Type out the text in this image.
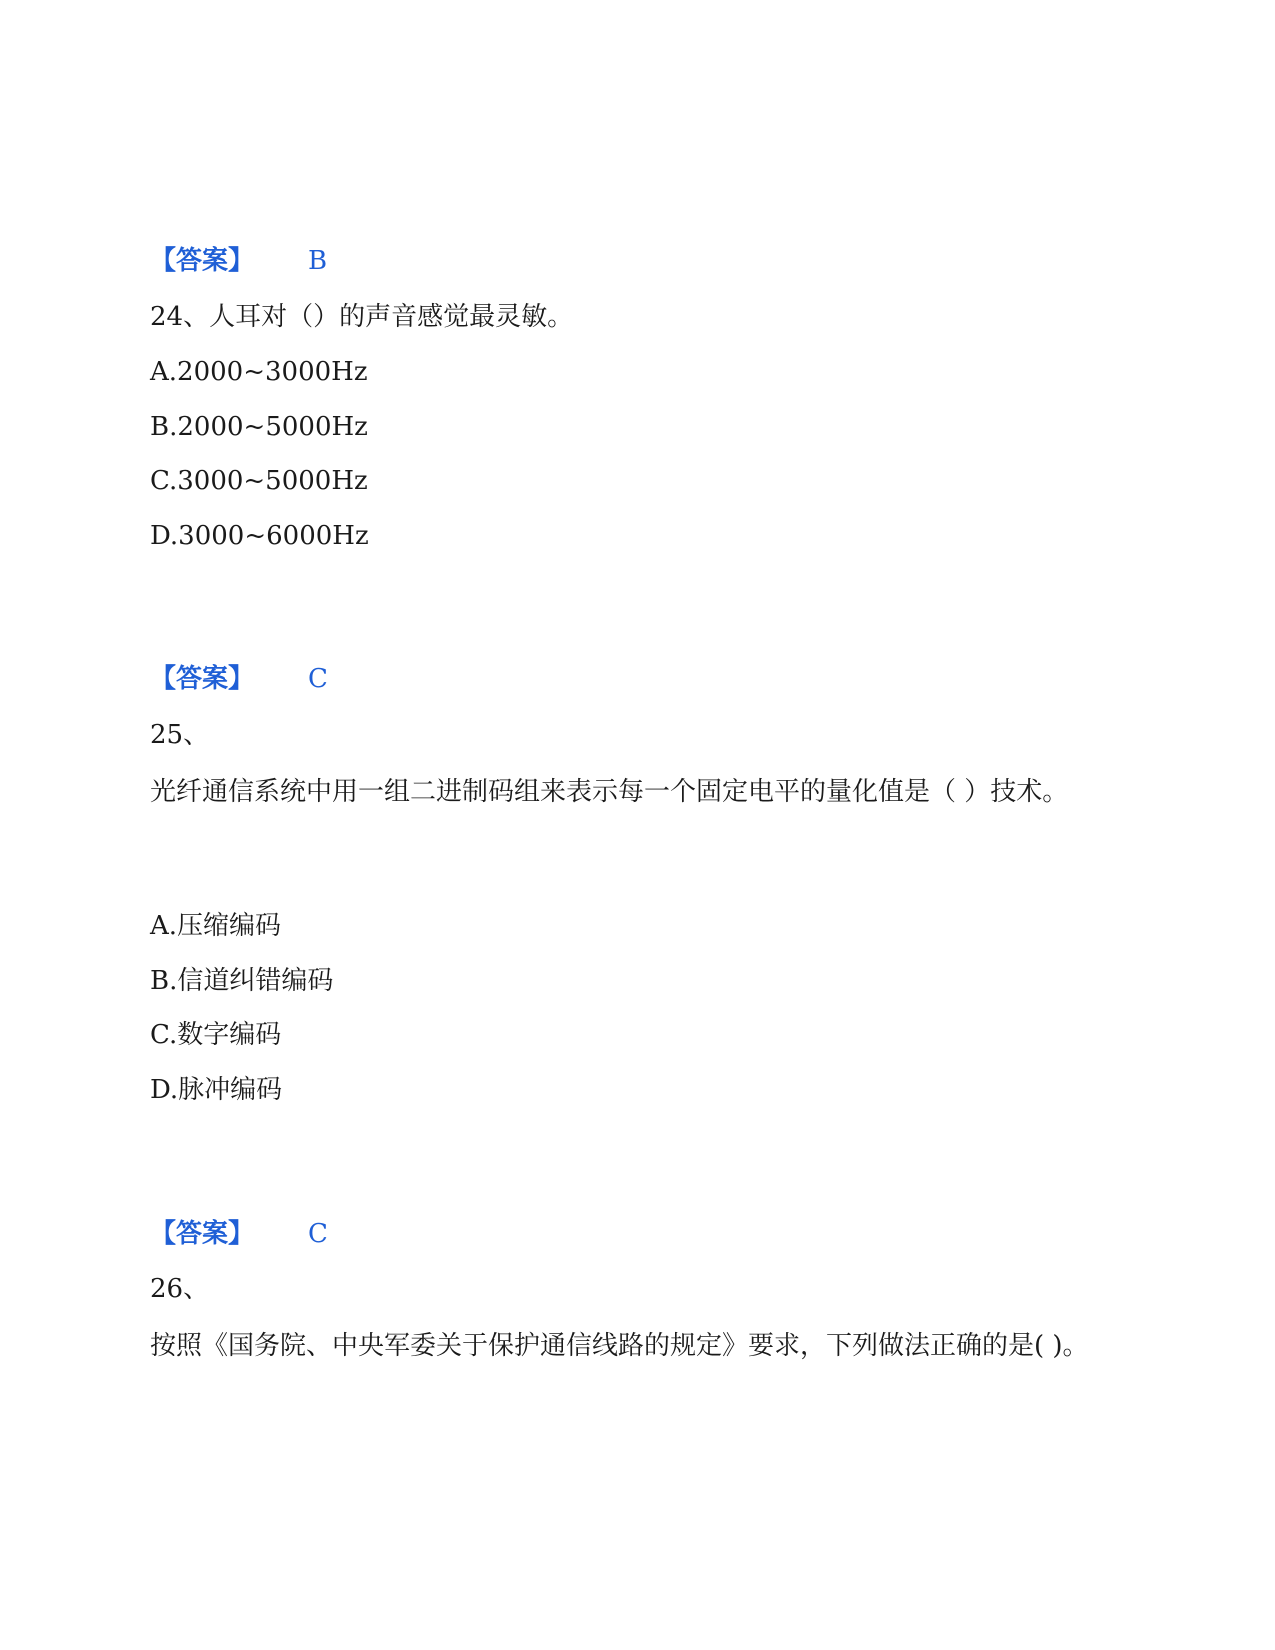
【答案】 B
24、人耳对（）的声音感觉最灵敏。
A.2000~3000Hz
B.2000~5000Hz
C.3000~5000Hz
D.3000~6000Hz
【答案】 C
25、
光纤通信系统中用一组二进制码组来表示每一个固定电平的量化值是（ ）技术。
A.压缩编码
B.信道纠错编码
C.数字编码
D.脉冲编码
【答案】 C
26、
按照《国务院、中央军委关于保护通信线路的规定》要求，下列做法正确的是( )。
